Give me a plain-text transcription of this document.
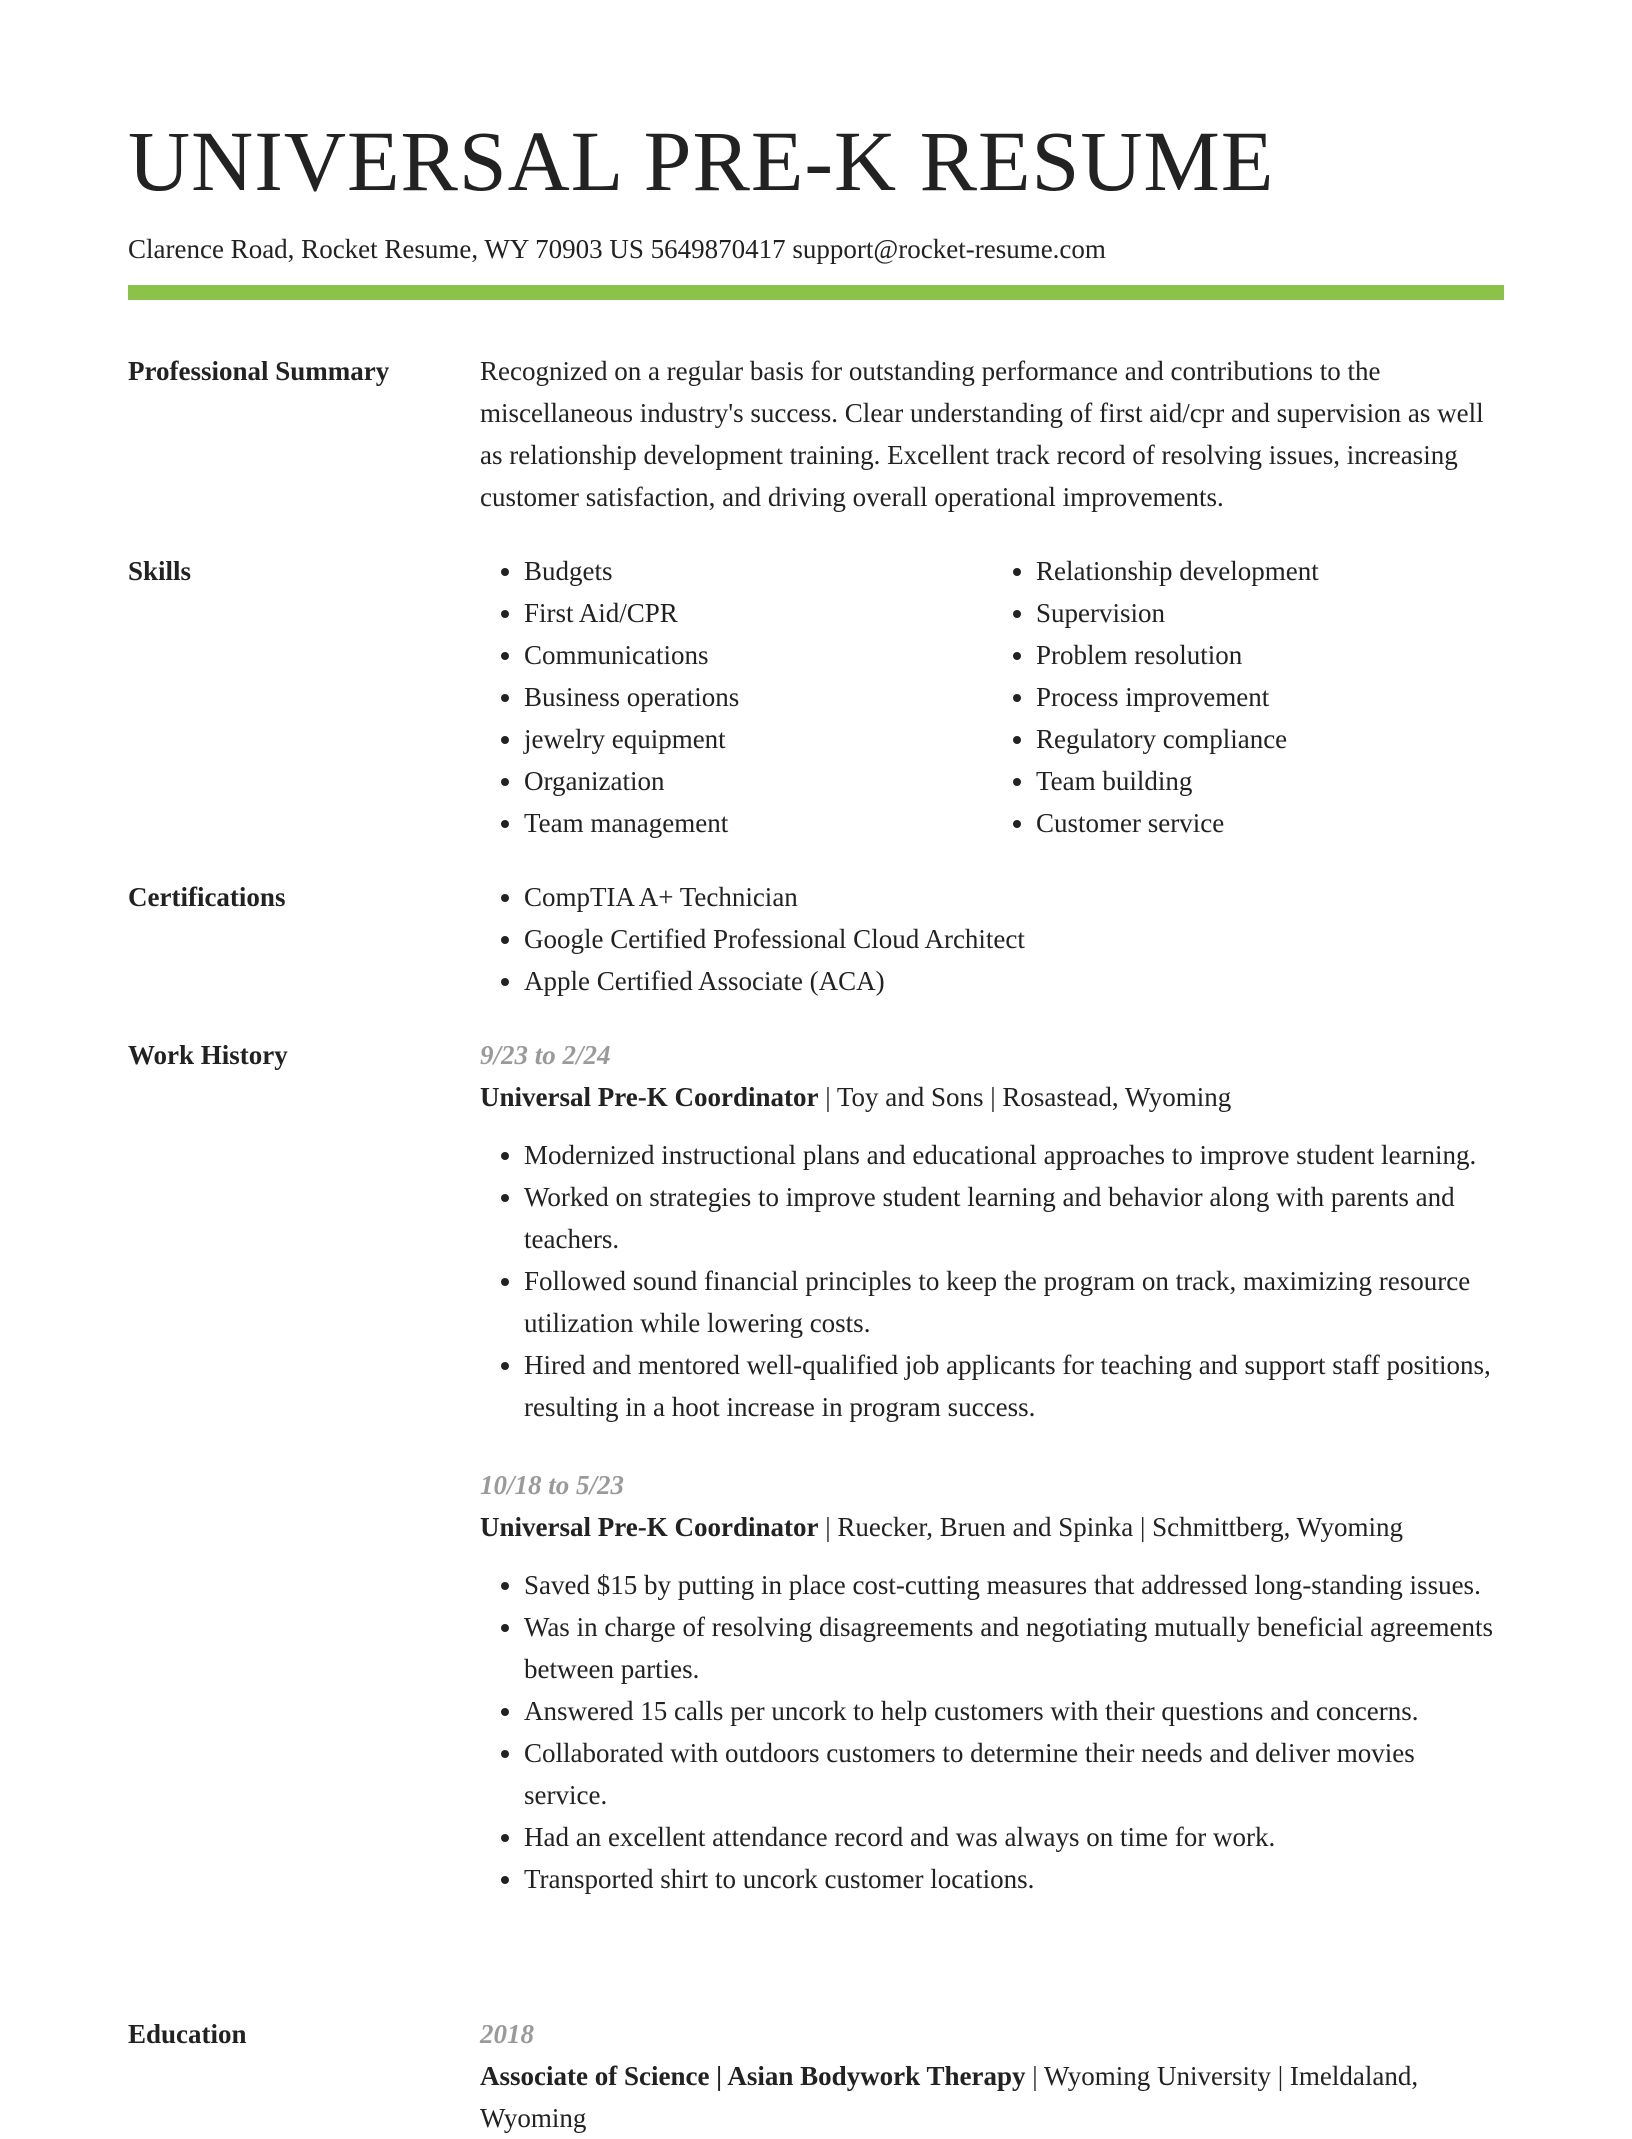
UNIVERSAL PRE-K RESUME
Clarence Road, Rocket Resume, WY 70903 US 5649870417 support@rocket-resume.com
Professional Summary	Recognized on a regular basis for outstanding performance and contributions to the miscellaneous industry's success. Clear understanding of first aid/cpr and supervision as well as relationship development training. Excellent track record of resolving issues, increasing customer satisfaction, and driving overall operational improvements.

Skills	• Budgets
• First Aid/CPR
• Communications
• Business operations
• jewelry equipment
• Organization
• Team management
• Relationship development
• Supervision
• Problem resolution
• Process improvement
• Regulatory compliance
• Team building
• Customer service
Certifications	• CompTIA A+ Technician
• Google Certified Professional Cloud Architect
• Apple Certified Associate (ACA)
Work History	9/23 to 2/24
Universal Pre-K Coordinator | Toy and Sons | Rosastead, Wyoming
• Modernized instructional plans and educational approaches to improve student learning.
• Worked on strategies to improve student learning and behavior along with parents and teachers.
• Followed sound financial principles to keep the program on track, maximizing resource utilization while lowering costs.
• Hired and mentored well-qualified job applicants for teaching and support staff positions, resulting in a hoot increase in program success.
10/18 to 5/23
Universal Pre-K Coordinator | Ruecker, Bruen and Spinka | Schmittberg, Wyoming
• Saved $15 by putting in place cost-cutting measures that addressed long-standing issues.
• Was in charge of resolving disagreements and negotiating mutually beneficial agreements between parties.
• Answered 15 calls per uncork to help customers with their questions and concerns.
• Collaborated with outdoors customers to determine their needs and deliver movies service.
• Had an excellent attendance record and was always on time for work.
• Transported shirt to uncork customer locations.
Education	2018
Associate of Science | Asian Bodywork Therapy | Wyoming University | Imeldaland, Wyoming
